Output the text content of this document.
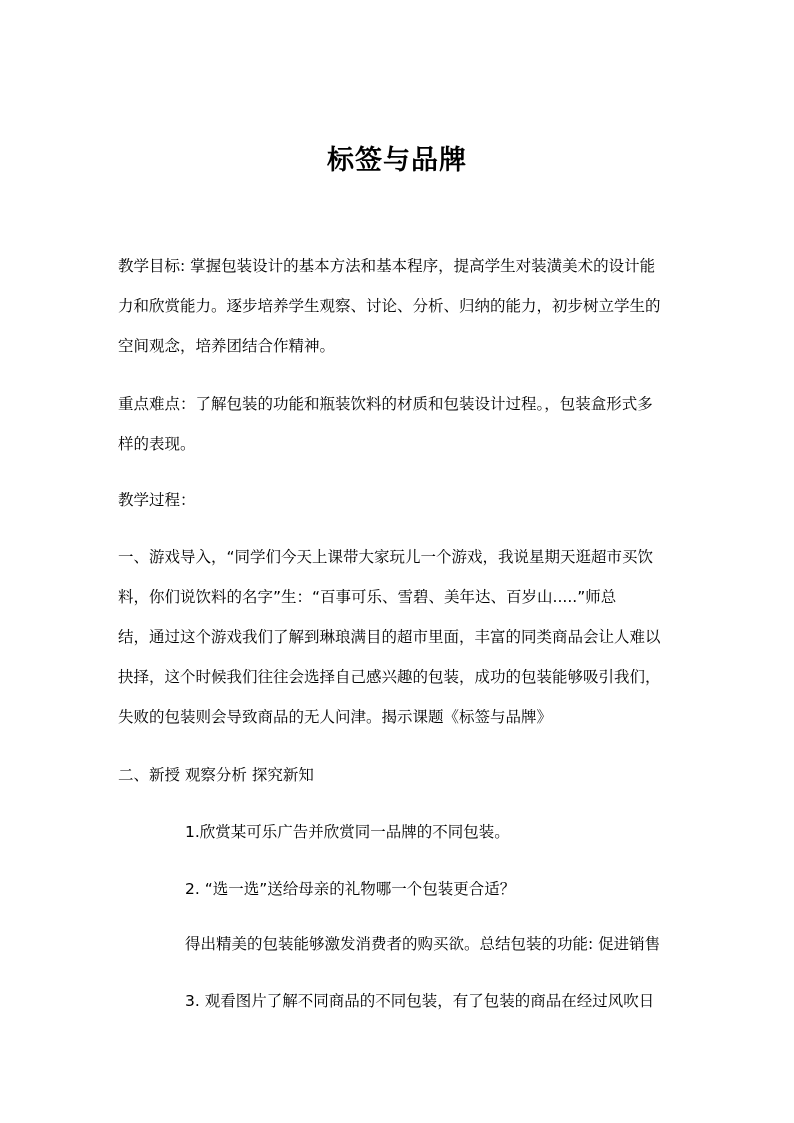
标签与品牌
教学目标: 掌握包装设计的基本方法和基本程序，提高学生对装潢美术的设计能
力和欣赏能力。逐步培养学生观察、讨论、分析、归纳的能力，初步树立学生的
空间观念，培养团结合作精神。
重点难点：了解包装的功能和瓶装饮料的材质和包装设计过程。，包装盒形式多
样的表现。
教学过程：
一、游戏导入，“同学们今天上课带大家玩儿一个游戏，我说星期天逛超市买饮
料，你们说饮料的名字”生：“百事可乐、雪碧、美年达、百岁山.....”师总
结，通过这个游戏我们了解到琳琅满目的超市里面，丰富的同类商品会让人难以
抉择，这个时候我们往往会选择自己感兴趣的包装，成功的包装能够吸引我们，
失败的包装则会导致商品的无人问津。揭示课题《标签与品牌》
二、新授 观察分析 探究新知
1.欣赏某可乐广告并欣赏同一品牌的不同包装。
2. “选一选”送给母亲的礼物哪一个包装更合适？
得出精美的包装能够激发消费者的购买欲。总结包装的功能: 促进销售
3. 观看图片了解不同商品的不同包装，有了包装的商品在经过风吹日
